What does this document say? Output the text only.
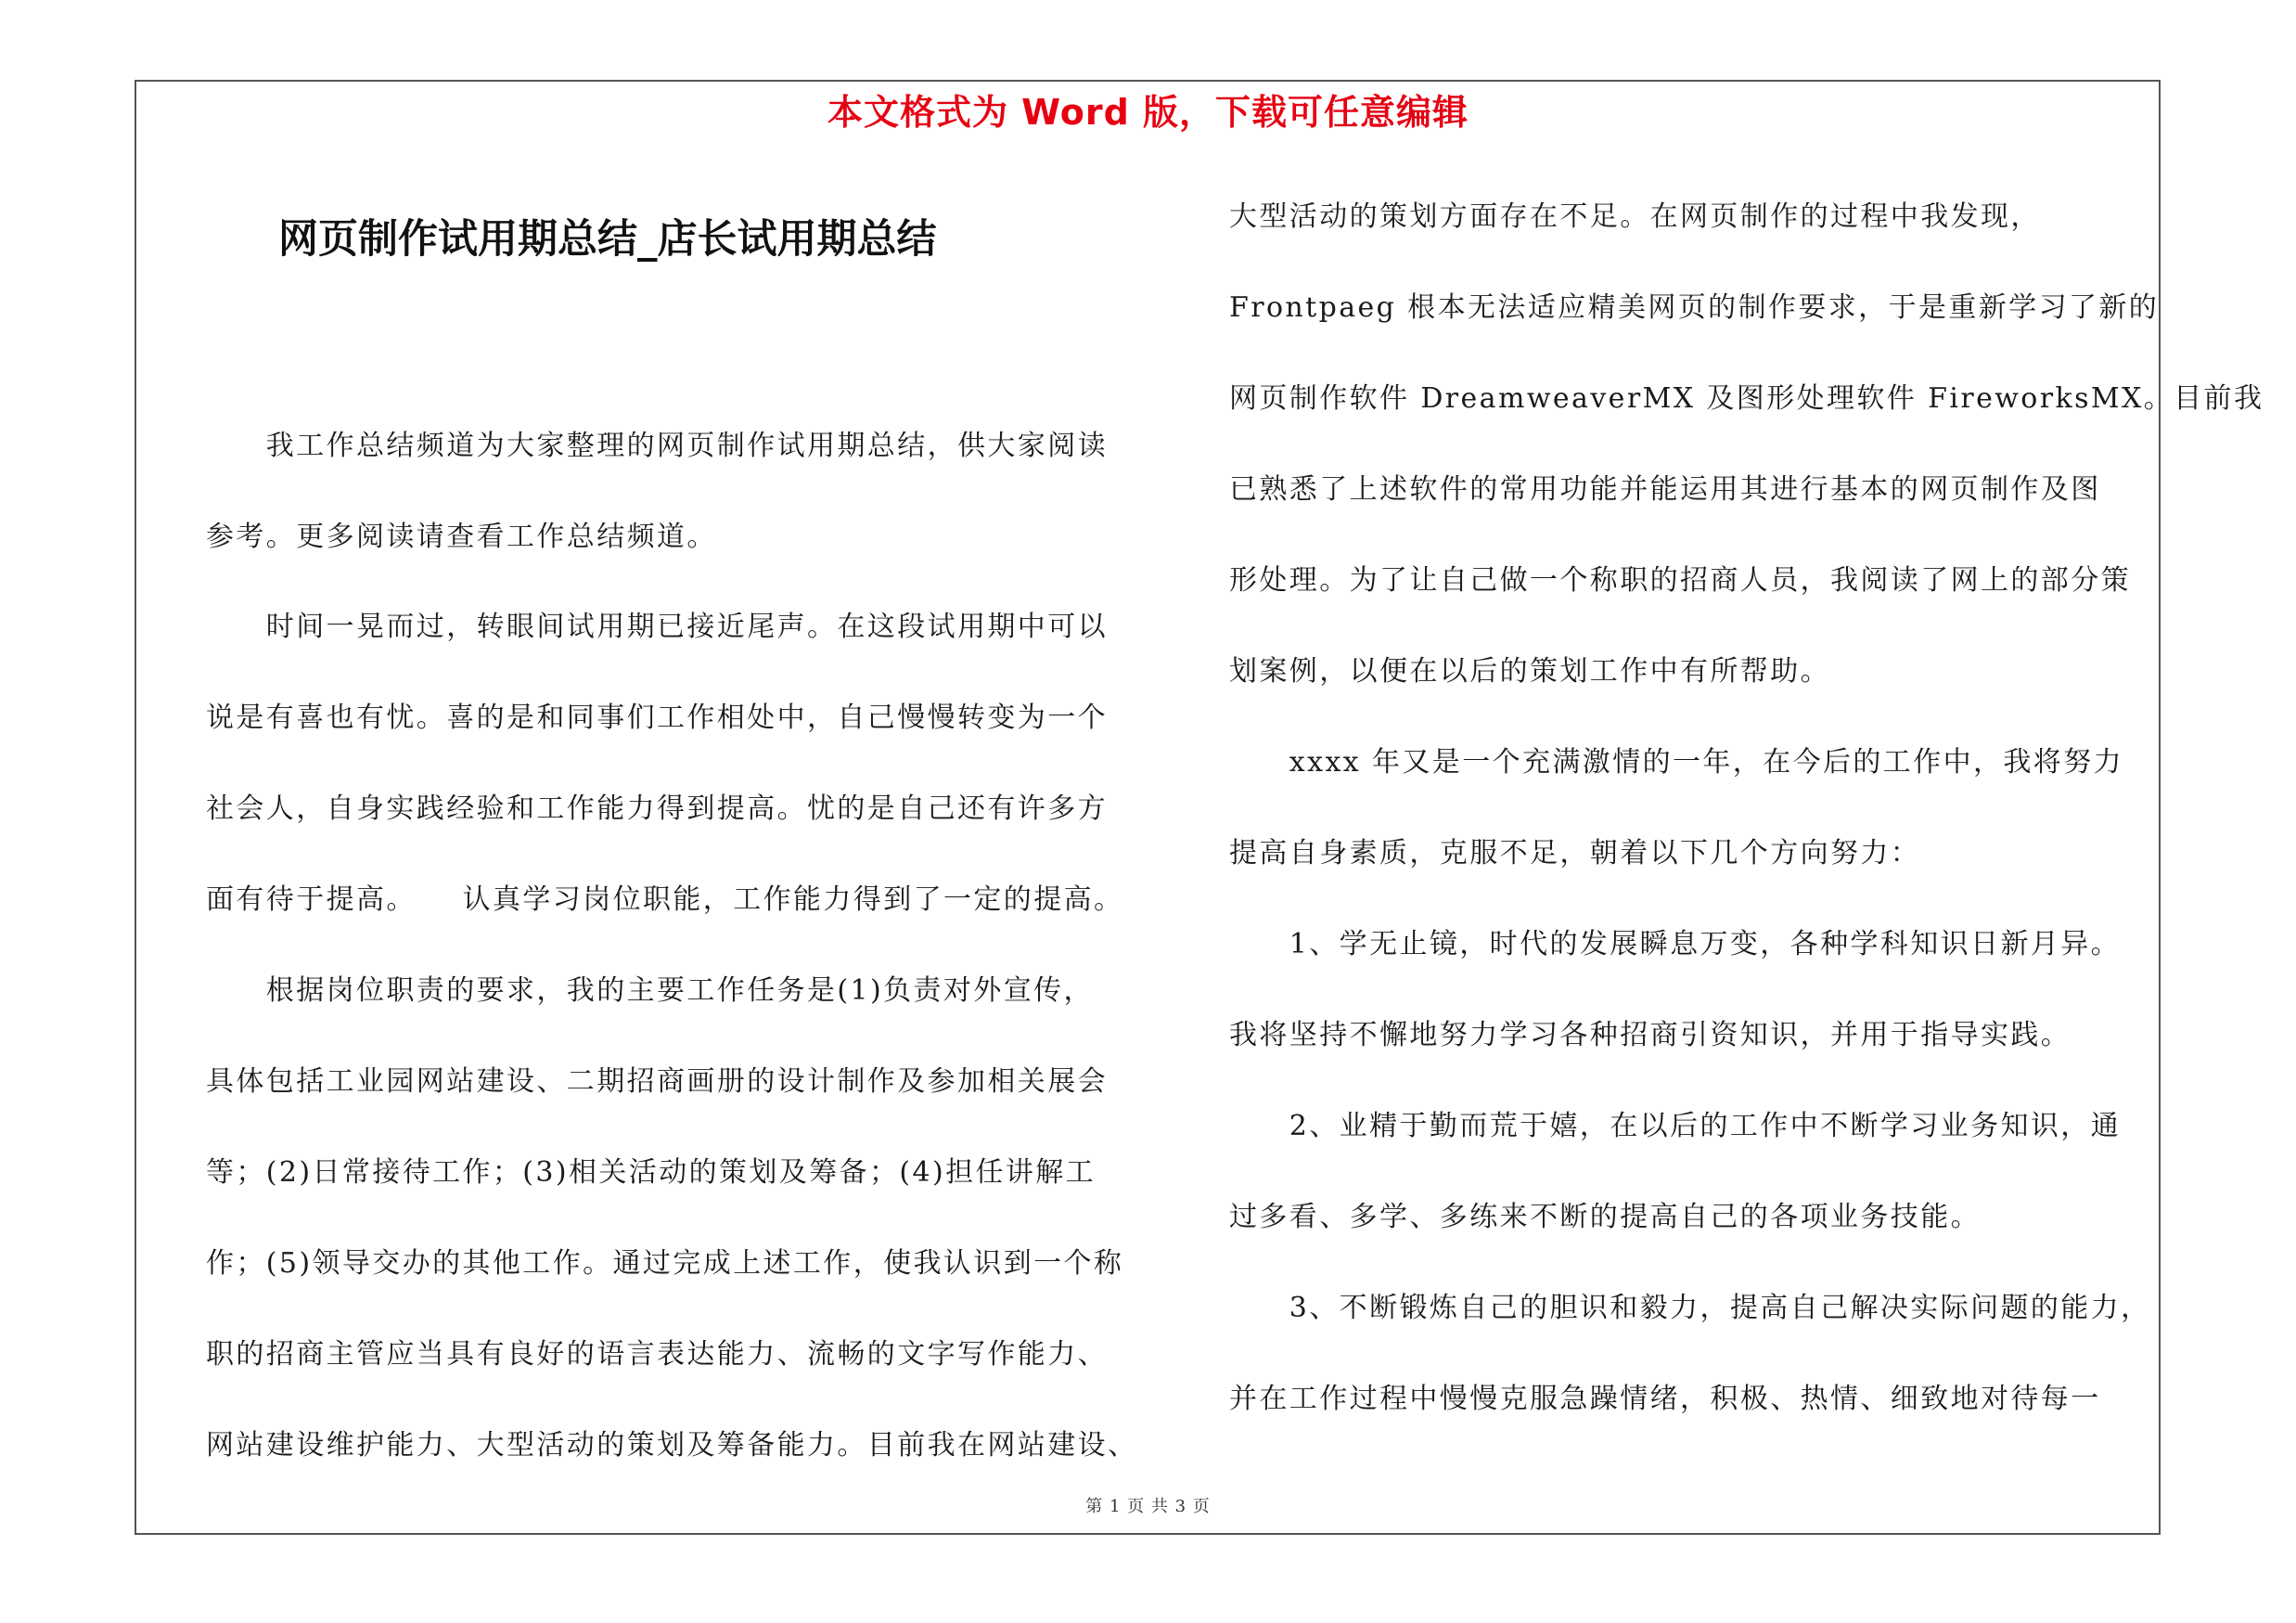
本文格式为 Word 版，下载可任意编辑
网页制作试用期总结_店长试用期总结
　　我工作总结频道为大家整理的网页制作试用期总结，供大家阅读
参考。更多阅读请查看工作总结频道。
　　时间一晃而过，转眼间试用期已接近尾声。在这段试用期中可以
说是有喜也有忧。喜的是和同事们工作相处中，自己慢慢转变为一个
社会人，自身实践经验和工作能力得到提高。忧的是自己还有许多方
面有待于提高。　　认真学习岗位职能，工作能力得到了一定的提高。
　　根据岗位职责的要求，我的主要工作任务是(1)负责对外宣传，
具体包括工业园网站建设、二期招商画册的设计制作及参加相关展会
等；(2)日常接待工作；(3)相关活动的策划及筹备；(4)担任讲解工
作；(5)领导交办的其他工作。通过完成上述工作，使我认识到一个称
职的招商主管应当具有良好的语言表达能力、流畅的文字写作能力、
网站建设维护能力、大型活动的策划及筹备能力。目前我在网站建设、
大型活动的策划方面存在不足。在网页制作的过程中我发现，
Frontpaeg 根本无法适应精美网页的制作要求，于是重新学习了新的
网页制作软件 DreamweaverMX 及图形处理软件 FireworksMX。目前我
已熟悉了上述软件的常用功能并能运用其进行基本的网页制作及图
形处理。为了让自己做一个称职的招商人员，我阅读了网上的部分策
划案例，以便在以后的策划工作中有所帮助。
　　xxxx 年又是一个充满激情的一年，在今后的工作中，我将努力
提高自身素质，克服不足，朝着以下几个方向努力：
　　1、学无止镜，时代的发展瞬息万变，各种学科知识日新月异。
我将坚持不懈地努力学习各种招商引资知识，并用于指导实践。
　　2、业精于勤而荒于嬉，在以后的工作中不断学习业务知识，通
过多看、多学、多练来不断的提高自己的各项业务技能。
　　3、不断锻炼自己的胆识和毅力，提高自己解决实际问题的能力，
并在工作过程中慢慢克服急躁情绪，积极、热情、细致地对待每一
第 1 页 共 3 页
